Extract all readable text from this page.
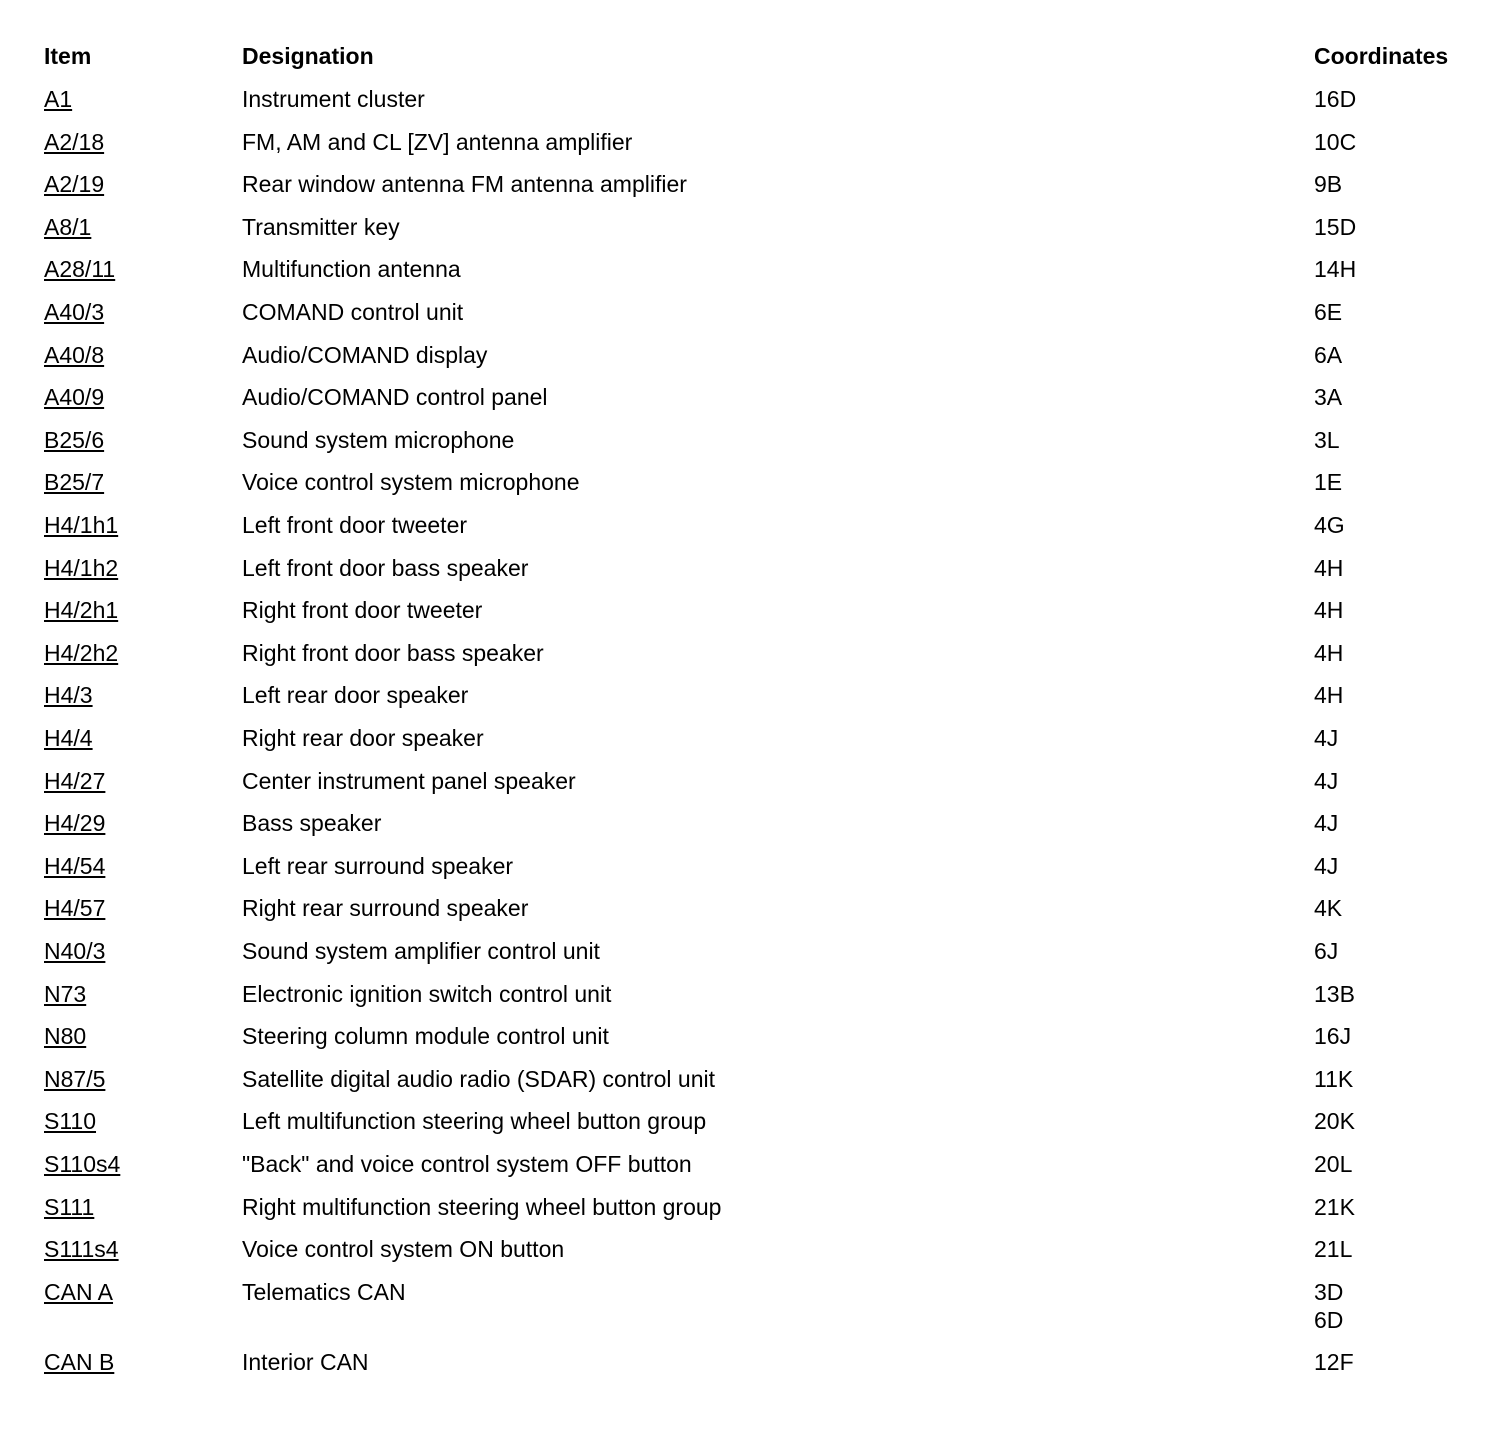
Item	Designation	Coordinates
A1	Instrument cluster	16D
A2/18	FM, AM and CL [ZV] antenna amplifier	10C
A2/19	Rear window antenna FM antenna amplifier	9B
A8/1	Transmitter key	15D
A28/11	Multifunction antenna	14H
A40/3	COMAND control unit	6E
A40/8	Audio/COMAND display	6A
A40/9	Audio/COMAND control panel	3A
B25/6	Sound system microphone	3L
B25/7	Voice control system microphone	1E
H4/1h1	Left front door tweeter	4G
H4/1h2	Left front door bass speaker	4H
H4/2h1	Right front door tweeter	4H
H4/2h2	Right front door bass speaker	4H
H4/3	Left rear door speaker	4H
H4/4	Right rear door speaker	4J
H4/27	Center instrument panel speaker	4J
H4/29	Bass speaker	4J
H4/54	Left rear surround speaker	4J
H4/57	Right rear surround speaker	4K
N40/3	Sound system amplifier control unit	6J
N73	Electronic ignition switch control unit	13B
N80	Steering column module control unit	16J
N87/5	Satellite digital audio radio (SDAR) control unit	11K
S110	Left multifunction steering wheel button group	20K
S110s4	"Back" and voice control system OFF button	20L
S111	Right multifunction steering wheel button group	21K
S111s4	Voice control system ON button	21L
CAN A	Telematics CAN	3D
6D
CAN B	Interior CAN	12F
